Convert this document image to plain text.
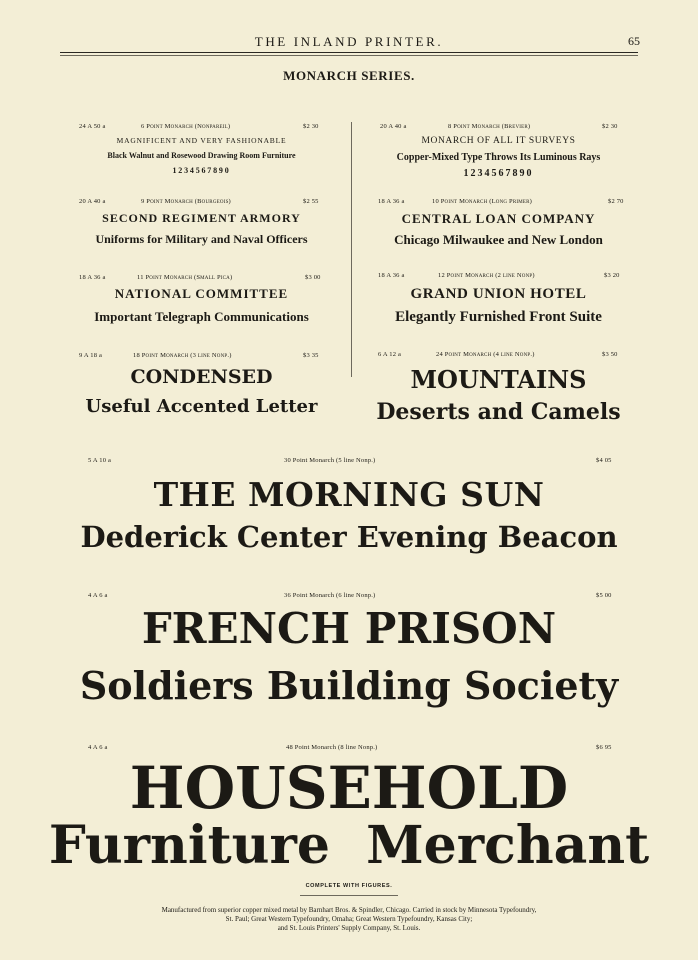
THE INLAND PRINTER.	65
MONARCH SERIES.
24 A 50 a	6 Point Monarch (Nonpareil)	$2 30
MAGNIFICENT AND VERY FASHIONABLE
Black Walnut and Rosewood Drawing Room Furniture
1234567890
20 A 40 a	9 Point Monarch (Bourgeois)	$2 55
SECOND REGIMENT ARMORY
Uniforms for Military and Naval Officers
18 A 36 a	11 Point Monarch (Small Pica)	$3 00
NATIONAL COMMITTEE
Important Telegraph Communications
9 A 18 a	18 Point Monarch (3 line Nonp.)	$3 35
CONDENSED
Useful Accented Letter
20 A 40 a	8 Point Monarch (Brevier)	$2 30
MONARCH OF ALL IT SURVEYS
Copper-Mixed Type Throws Its Luminous Rays
1234567890
18 A 36 a	10 Point Monarch (Long Primer)	$2 70
CENTRAL LOAN COMPANY
Chicago Milwaukee and New London
18 A 36 a	12 Point Monarch (2 line Nonp)	$3 20
GRAND UNION HOTEL
Elegantly Furnished Front Suite
6 A 12 a	24 Point Monarch (4 line Nonp.)	$3 50
MOUNTAINS
Deserts and Camels
5 A 10 a	30 Point Monarch (5 line Nonp.)	$4 05
THE MORNING SUN
Dederick Center Evening Beacon
4 A 6 a	36 Point Monarch (6 line Nonp.)	$5 00
FRENCH PRISON
Soldiers Building Society
4 A 6 a	48 Point Monarch (8 line Nonp.)	$6 95
HOUSEHOLD
Furniture  Merchant
COMPLETE WITH FIGURES.
Manufactured from superior copper mixed metal by Barnhart Bros. & Spindler, Chicago. Carried in stock by Minnesota Typefoundry,
St. Paul; Great Western Typefoundry, Omaha; Great Western Typefoundry, Kansas City;
and St. Louis Printers' Supply Company, St. Louis.
